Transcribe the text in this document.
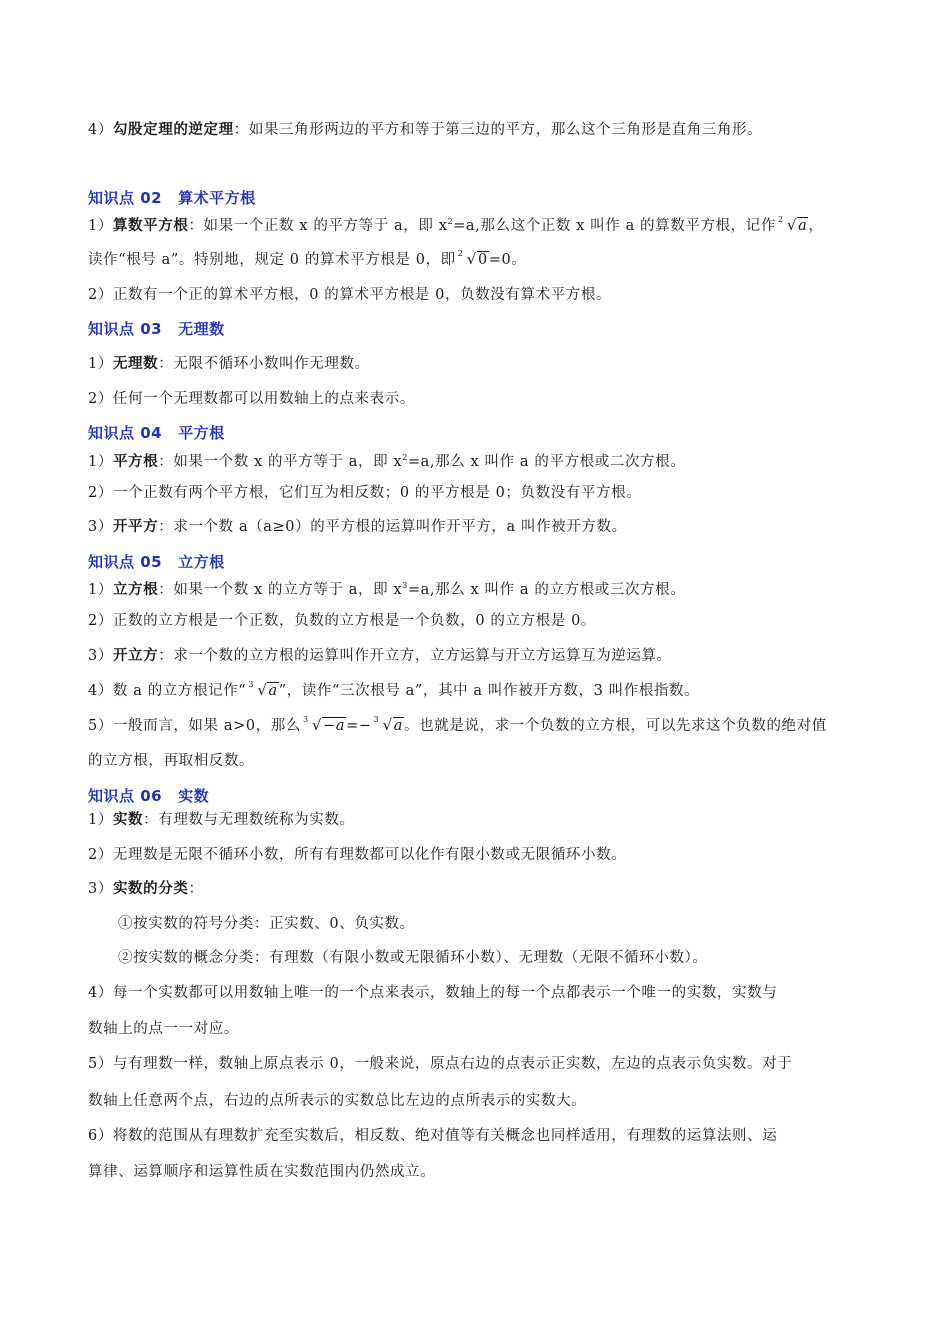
4）勾股定理的逆定理：如果三角形两边的平方和等于第三边的平方，那么这个三角形是直角三角形。
知识点 02 算术平方根
1）算数平方根：如果一个正数 x 的平方等于 a，即 $x^2=a$,那么这个正数 x 叫作 a 的算数平方根，记作 2 √a，
读作“根号 a”。特别地，规定 0 的算术平方根是 0，即 2 √0=0。
2）正数有一个正的算术平方根，0 的算术平方根是 0，负数没有算术平方根。
知识点 03 无理数
1）无理数：无限不循环小数叫作无理数。
2）任何一个无理数都可以用数轴上的点来表示。
知识点 04 平方根
1）平方根：如果一个数 x 的平方等于 a，即 $x^2=a$,那么 x 叫作 a 的平方根或二次方根。
2）一个正数有两个平方根，它们互为相反数；0 的平方根是 0；负数没有平方根。
3）开平方：求一个数 a（a≥0）的平方根的运算叫作开平方，a 叫作被开方数。
知识点 05 立方根
1）立方根：如果一个数 x 的立方等于 a，即 $x^3=a$,那么 x 叫作 a 的立方根或三次方根。
2）正数的立方根是一个正数，负数的立方根是一个负数，0 的立方根是 0。
3）开立方：求一个数的立方根的运算叫作开立方，立方运算与开立方运算互为逆运算。
4）数 a 的立方根记作“ 3 √a”，读作“三次根号 a”，其中 a 叫作被开方数，3 叫作根指数。
5）一般而言，如果 a>0，那么 3 √−a=− 3 √a。也就是说，求一个负数的立方根，可以先求这个负数的绝对值
的立方根，再取相反数。
知识点 06 实数
1）实数：有理数与无理数统称为实数。
2）无理数是无限不循环小数，所有有理数都可以化作有限小数或无限循环小数。
3）实数的分类：
①按实数的符号分类：正实数、0、负实数。
②按实数的概念分类：有理数（有限小数或无限循环小数）、无理数（无限不循环小数）。
4）每一个实数都可以用数轴上唯一的一个点来表示，数轴上的每一个点都表示一个唯一的实数，实数与
数轴上的点一一对应。
5）与有理数一样，数轴上原点表示 0，一般来说，原点右边的点表示正实数，左边的点表示负实数。对于
数轴上任意两个点，右边的点所表示的实数总比左边的点所表示的实数大。
6）将数的范围从有理数扩充至实数后，相反数、绝对值等有关概念也同样适用，有理数的运算法则、运
算律、运算顺序和运算性质在实数范围内仍然成立。
